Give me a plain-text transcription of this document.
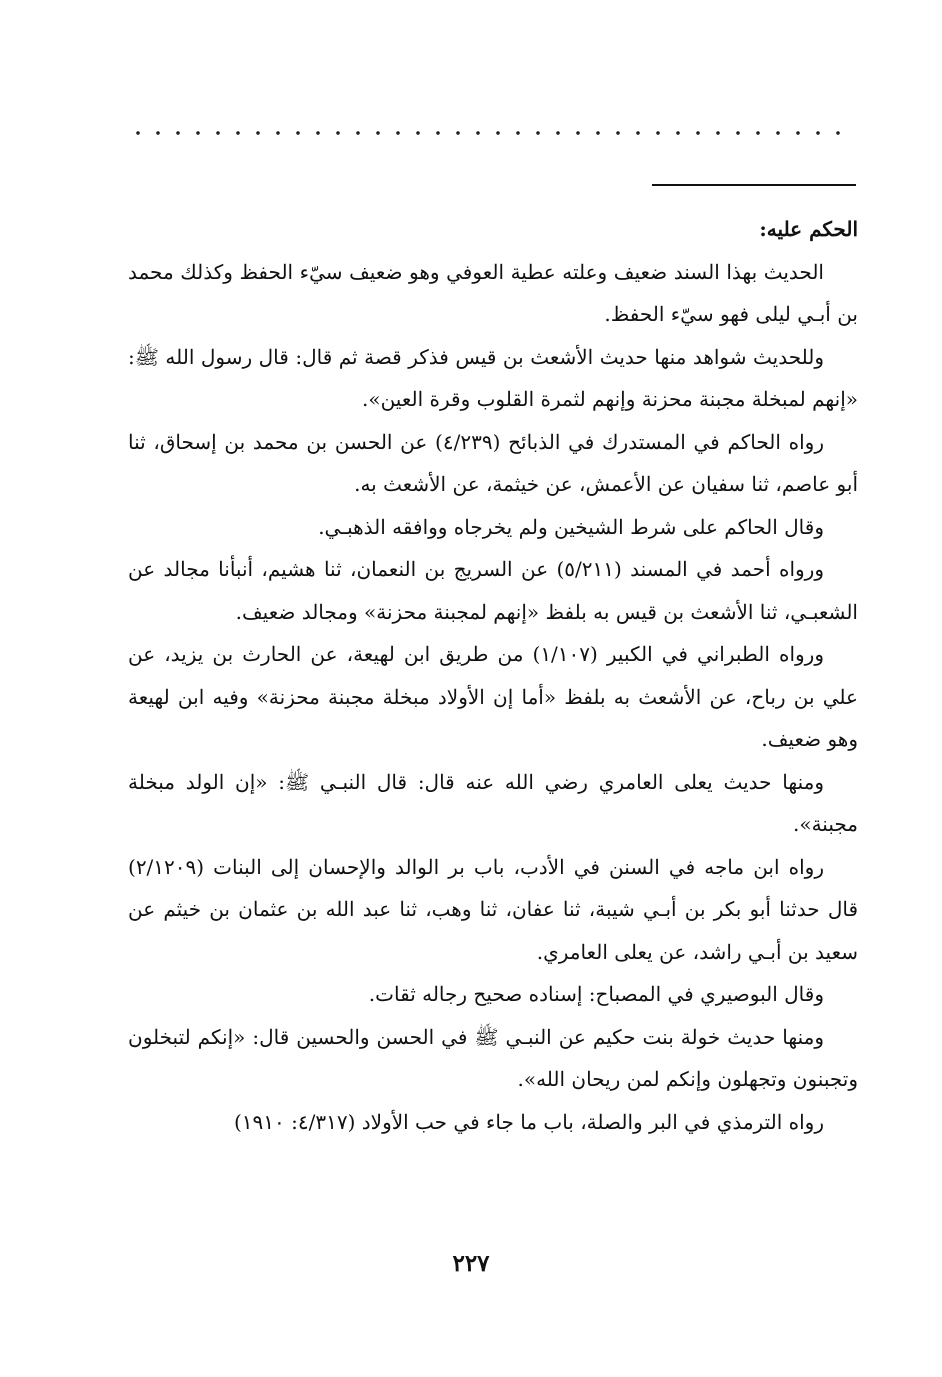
الحكم عليه:

الحديث بهذا السند ضعيف وعلته عطية العوفي وهو ضعيف سيّء الحفظ وكذلك محمد بن أبـي ليلى فهو سيّء الحفظ.

وللحديث شواهد منها حديث الأشعث بن قيس فذكر قصة ثم قال: قال رسول الله ﷺ: «إنهم لمبخلة مجبنة محزنة وإنهم لثمرة القلوب وقرة العين».

رواه الحاكم في المستدرك في الذبائح (٤/٢٣٩) عن الحسن بن محمد بن إسحاق، ثنا أبو عاصم، ثنا سفيان عن الأعمش، عن خيثمة، عن الأشعث به.

وقال الحاكم على شرط الشيخين ولم يخرجاه ووافقه الذهبـي.

ورواه أحمد في المسند (٥/٢١١) عن السريج بن النعمان، ثنا هشيم، أنبأنا مجالد عن الشعبـي، ثنا الأشعث بن قيس به بلفظ «إنهم لمجبنة محزنة» ومجالد ضعيف.

ورواه الطبراني في الكبير (١/١٠٧) من طريق ابن لهيعة، عن الحارث بن يزيد، عن علي بن رباح، عن الأشعث به بلفظ «أما إن الأولاد مبخلة مجبنة محزنة» وفيه ابن لهيعة وهو ضعيف.

ومنها حديث يعلى العامري رضي الله عنه قال: قال النبـي ﷺ: «إن الولد مبخلة مجبنة».

رواه ابن ماجه في السنن في الأدب، باب بر الوالد والإحسان إلى البنات (٢/١٢٠٩) قال حدثنا أبو بكر بن أبـي شيبة، ثنا عفان، ثنا وهب، ثنا عبد الله بن عثمان بن خيثم عن سعيد بن أبـي راشد، عن يعلى العامري.

وقال البوصيري في المصباح: إسناده صحيح رجاله ثقات.

ومنها حديث خولة بنت حكيم عن النبـي ﷺ في الحسن والحسين قال: «إنكم لتبخلون وتجبنون وتجهلون وإنكم لمن ريحان الله».

رواه الترمذي في البر والصلة، باب ما جاء في حب الأولاد (٤/٣١٧: ١٩١٠)

٢٢٧
